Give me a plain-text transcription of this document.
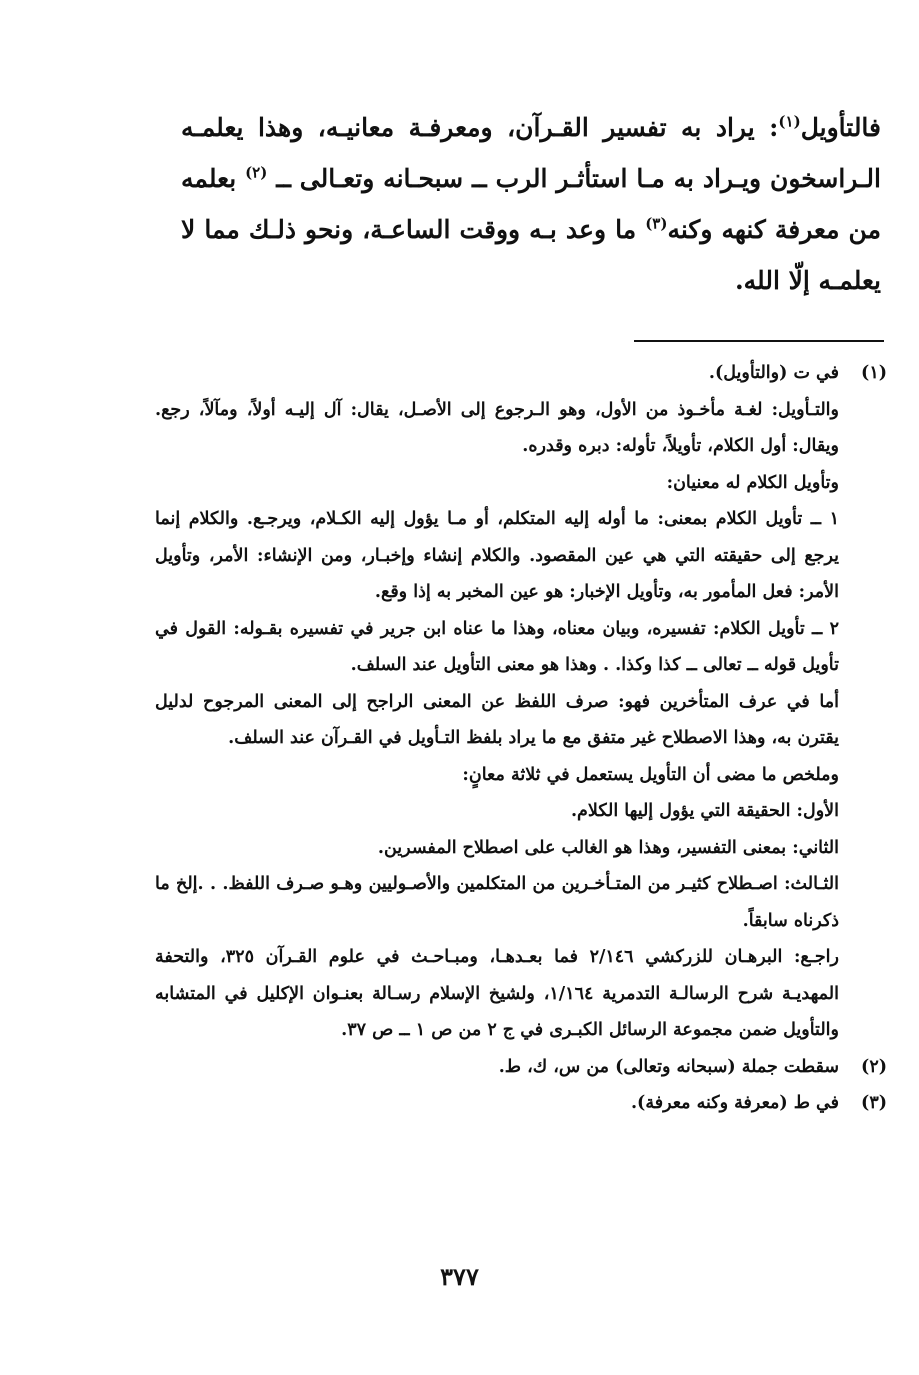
فالتأويل$^{(١)}$: يراد به تفسير القـرآن، ومعرفـة معانيـه، وهذا يعلمـه الـراسخون ويـراد به مـا استأثـر الرب ــ سبحـانه وتعـالى ــ $^{(٢)}$ بعلمه من معرفة كنهه وكنه$^{(٣)}$ ما وعد بـه ووقت الساعـة، ونحو ذلـك مما لا يعلمـه إلّا الله.

(١)

في ت (والتأويل).

والتـأويل: لغـة مأخـوذ من الأول، وهو الـرجوع إلى الأصـل، يقال: آل إليـه أولاً، ومآلاً، رجع. ويقال: أول الكلام، تأويلاً، تأوله: دبره وقدره.

وتأويل الكلام له معنيان:

١ ــ تأويل الكلام بمعنى: ما أوله إليه المتكلم، أو مـا يؤول إليه الكـلام، ويرجـع. والكلام إنما يرجع إلى حقيقته التي هي عين المقصود. والكلام إنشاء وإخبـار، ومن الإنشاء: الأمر، وتأويل الأمر: فعل المأمور به، وتأويل الإخبار: هو عين المخبر به إذا وقع.

٢ ــ تأويل الكلام: تفسيره، وبيان معناه، وهذا ما عناه ابن جرير في تفسيره بقـوله: القول في تأويل قوله ــ تعالى ــ كذا وكذا. . وهذا هو معنى التأويل عند السلف.

أما في عرف المتأخرين فهو: صرف اللفظ عن المعنى الراجح إلى المعنى المرجوح لدليل يقترن به، وهذا الاصطلاح غير متفق مع ما يراد بلفظ التـأويل في القـرآن عند السلف.

وملخص ما مضى أن التأويل يستعمل في ثلاثة معانٍ:

الأول: الحقيقة التي يؤول إليها الكلام.

الثاني: بمعنى التفسير، وهذا هو الغالب على اصطلاح المفسرين.

الثـالث: اصـطلاح كثيـر من المتـأخـرين من المتكلمين والأصـوليين وهـو صـرف اللفظ. . .إلخ ما ذكرناه سابقاً.

راجـع: البرهـان للزركشي ٢/١٤٦ فما بعـدهـا، ومبـاحـث في علوم القـرآن ٣٢٥، والتحفة المهديـة شرح الرسالـة التدمرية ١/١٦٤، ولشيخ الإسلام رسـالة بعنـوان الإكليل في المتشابه والتأويل ضمن مجموعة الرسائل الكبـرى في ج ٢ من ص ١ ــ ص ٣٧.

(٢)

سقطت جملة (سبحانه وتعالى) من س، ك، ط.

(٣)

في ط (معرفة وكنه معرفة).

٣٧٧
